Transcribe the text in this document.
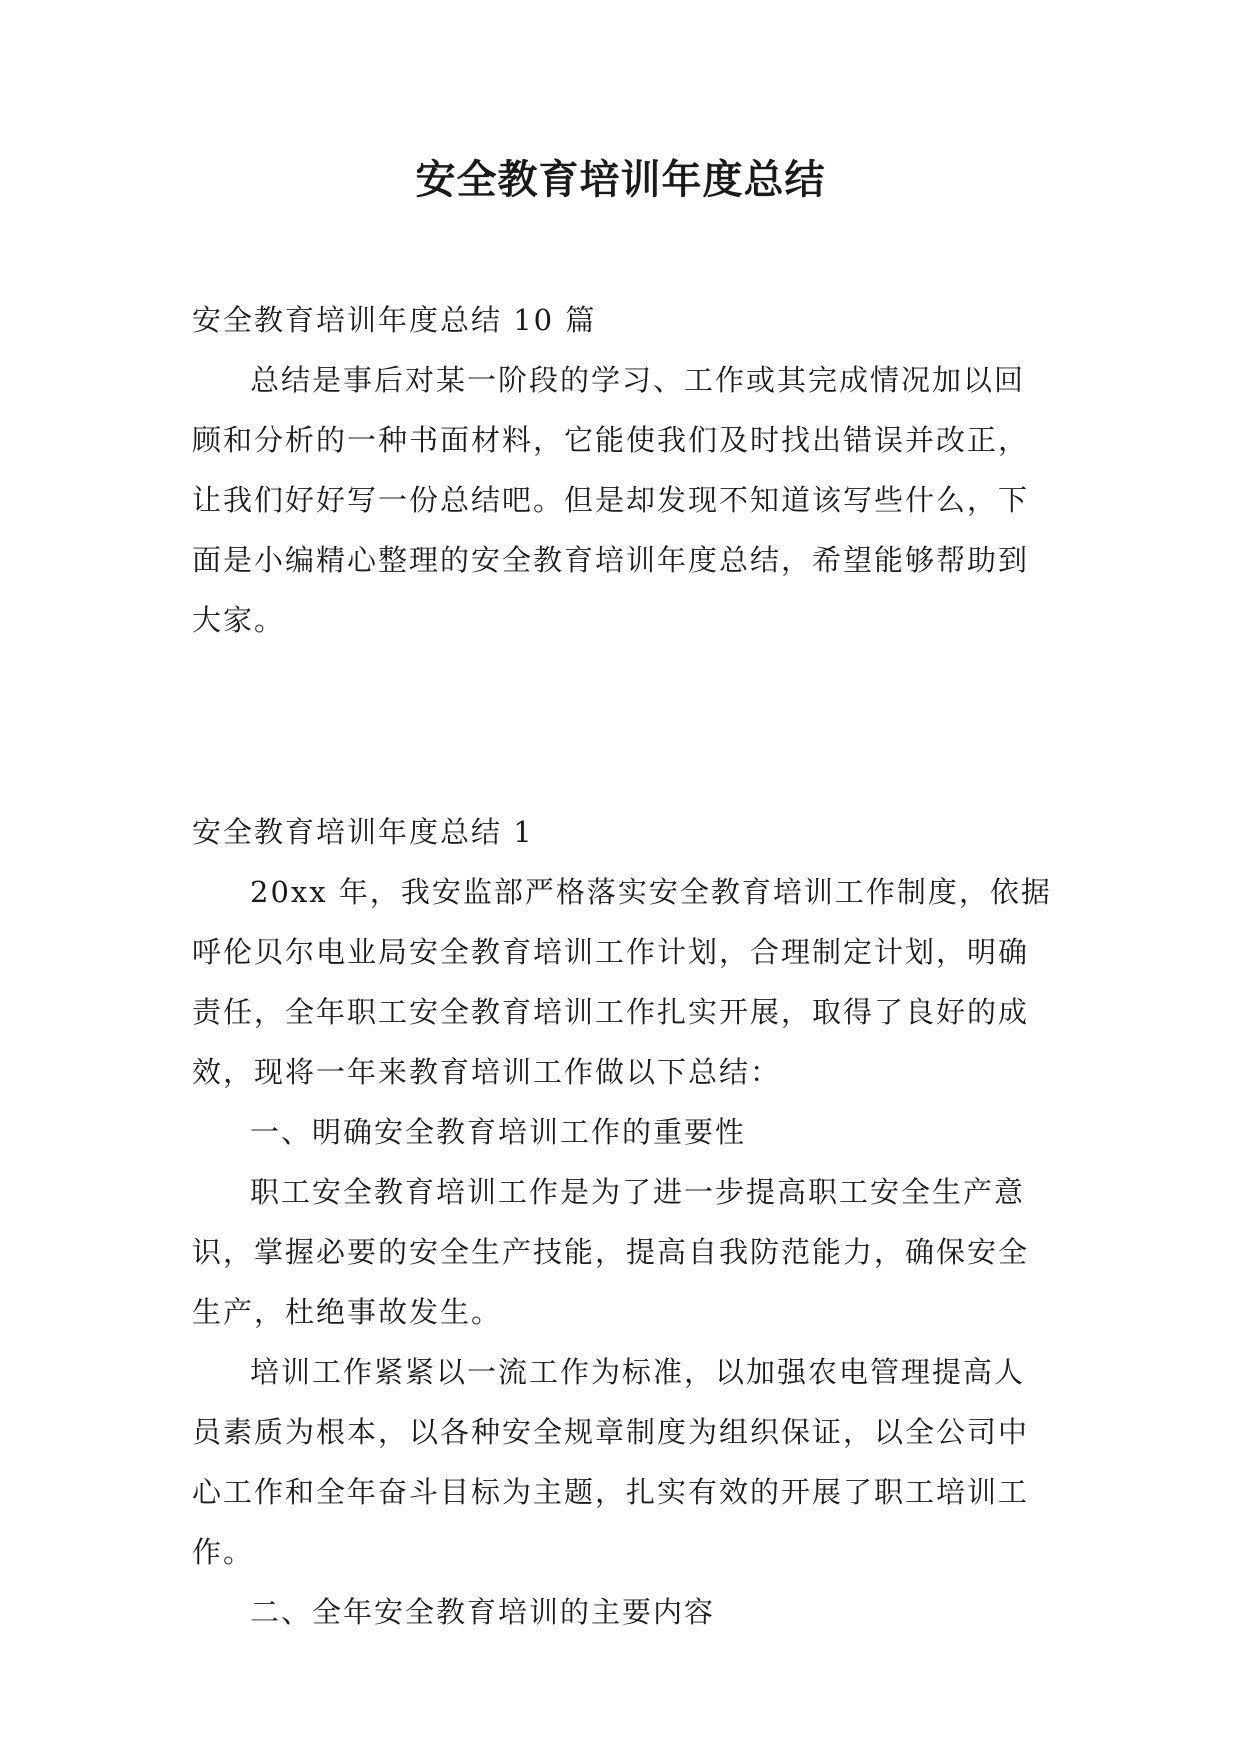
安全教育培训年度总结

安全教育培训年度总结 10 篇

总结是事后对某一阶段的学习、工作或其完成情况加以回顾和分析的一种书面材料，它能使我们及时找出错误并改正，让我们好好写一份总结吧。但是却发现不知道该写些什么，下面是小编精心整理的安全教育培训年度总结，希望能够帮助到大家。

安全教育培训年度总结 1

20xx 年，我安监部严格落实安全教育培训工作制度，依据呼伦贝尔电业局安全教育培训工作计划，合理制定计划，明确责任，全年职工安全教育培训工作扎实开展，取得了良好的成效，现将一年来教育培训工作做以下总结：

一、明确安全教育培训工作的重要性

职工安全教育培训工作是为了进一步提高职工安全生产意识，掌握必要的安全生产技能，提高自我防范能力，确保安全生产，杜绝事故发生。

培训工作紧紧以一流工作为标准，以加强农电管理提高人员素质为根本，以各种安全规章制度为组织保证，以全公司中心工作和全年奋斗目标为主题，扎实有效的开展了职工培训工作。

二、全年安全教育培训的主要内容
